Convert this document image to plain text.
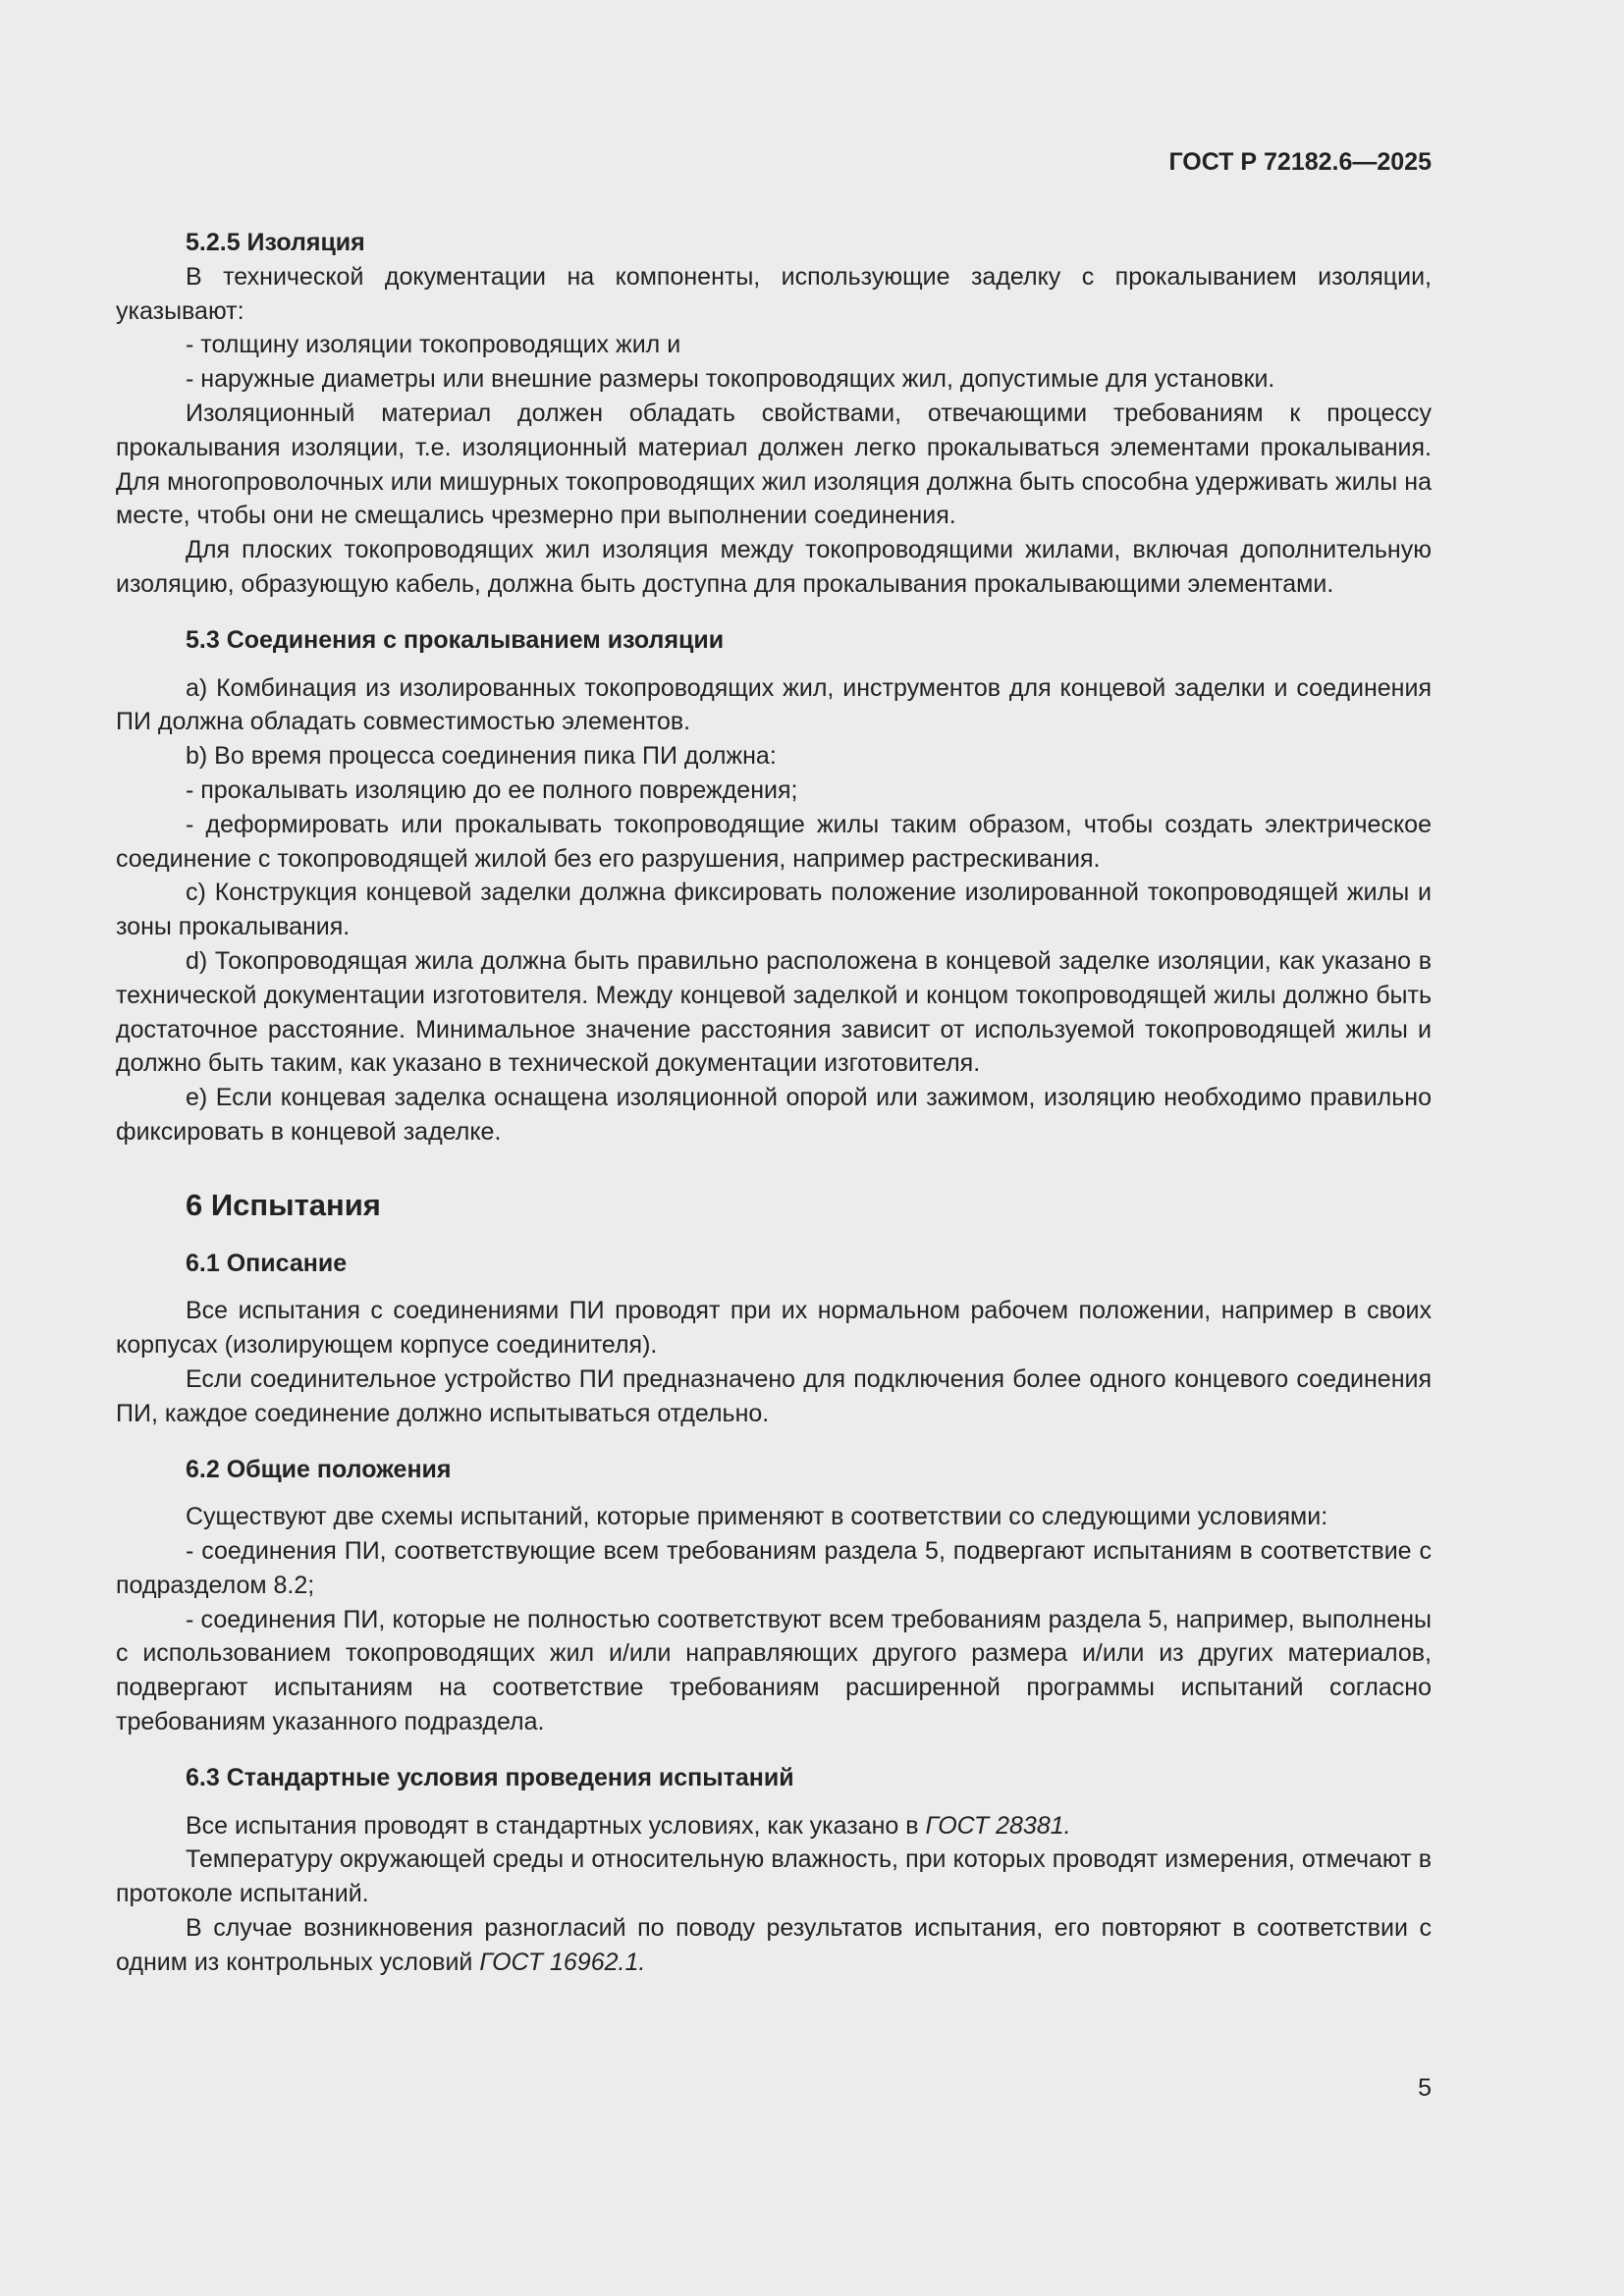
ГОСТ Р 72182.6—2025
5.2.5 Изоляция

В технической документации на компоненты, использующие заделку с прокалыванием изоляции, указывают:

- толщину изоляции токопроводящих жил и

- наружные диаметры или внешние размеры токопроводящих жил, допустимые для установки.

Изоляционный материал должен обладать свойствами, отвечающими требованиям к процессу прокалывания изоляции, т.е. изоляционный материал должен легко прокалываться элементами прокалывания. Для многопроволочных или мишурных токопроводящих жил изоляция должна быть способна удерживать жилы на месте, чтобы они не смещались чрезмерно при выполнении соединения.

Для плоских токопроводящих жил изоляция между токопроводящими жилами, включая дополнительную изоляцию, образующую кабель, должна быть доступна для прокалывания прокалывающими элементами.

5.3 Соединения с прокалыванием изоляции

а) Комбинация из изолированных токопроводящих жил, инструментов для концевой заделки и соединения ПИ должна обладать совместимостью элементов.

b) Во время процесса соединения пика ПИ должна:

- прокалывать изоляцию до ее полного повреждения;

- деформировать или прокалывать токопроводящие жилы таким образом, чтобы создать электрическое соединение с токопроводящей жилой без его разрушения, например растрескивания.

c) Конструкция концевой заделки должна фиксировать положение изолированной токопроводящей жилы и зоны прокалывания.

d) Токопроводящая жила должна быть правильно расположена в концевой заделке изоляции, как указано в технической документации изготовителя. Между концевой заделкой и концом токопроводящей жилы должно быть достаточное расстояние. Минимальное значение расстояния зависит от используемой токопроводящей жилы и должно быть таким, как указано в технической документации изготовителя.

е) Если концевая заделка оснащена изоляционной опорой или зажимом, изоляцию необходимо правильно фиксировать в концевой заделке.

6 Испытания
6.1 Описание

Все испытания с соединениями ПИ проводят при их нормальном рабочем положении, например в своих корпусах (изолирующем корпусе соединителя).

Если соединительное устройство ПИ предназначено для подключения более одного концевого соединения ПИ, каждое соединение должно испытываться отдельно.

6.2 Общие положения

Существуют две схемы испытаний, которые применяют в соответствии со следующими условиями:

- соединения ПИ, соответствующие всем требованиям раздела 5, подвергают испытаниям в соответствие с подразделом 8.2;

- соединения ПИ, которые не полностью соответствуют всем требованиям раздела 5, например, выполнены с использованием токопроводящих жил и/или направляющих другого размера и/или из других материалов, подвергают испытаниям на соответствие требованиям расширенной программы испытаний согласно требованиям указанного подраздела.

6.3 Стандартные условия проведения испытаний

Все испытания проводят в стандартных условиях, как указано в ГОСТ 28381.

Температуру окружающей среды и относительную влажность, при которых проводят измерения, отмечают в протоколе испытаний.

В случае возникновения разногласий по поводу результатов испытания, его повторяют в соответствии с одним из контрольных условий ГОСТ 16962.1.

5
